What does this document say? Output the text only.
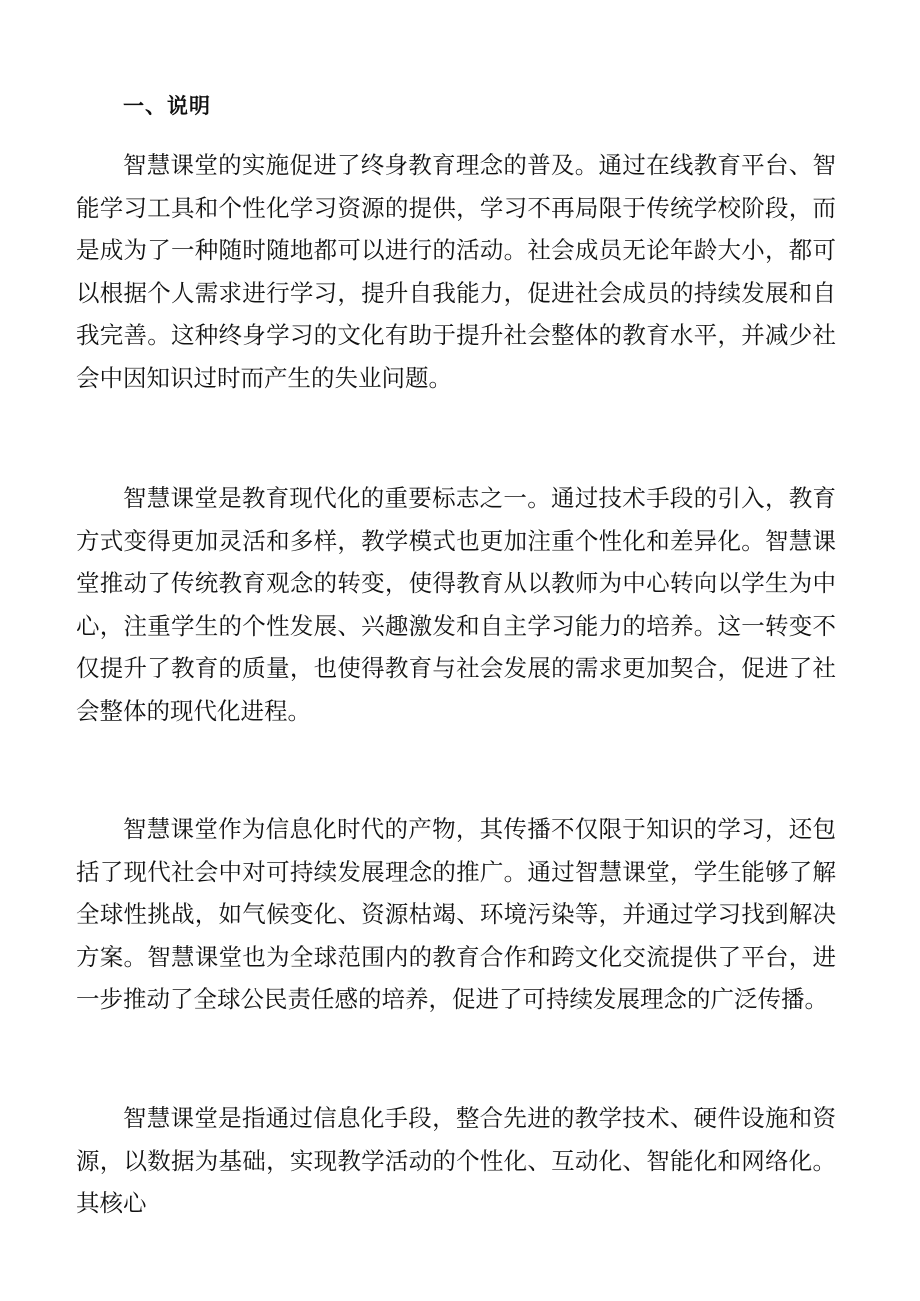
一、说明

智慧课堂的实施促进了终身教育理念的普及。通过在线教育平台、智能学习工具和个性化学习资源的提供，学习不再局限于传统学校阶段，而是成为了一种随时随地都可以进行的活动。社会成员无论年龄大小，都可以根据个人需求进行学习，提升自我能力，促进社会成员的持续发展和自我完善。这种终身学习的文化有助于提升社会整体的教育水平，并减少社会中因知识过时而产生的失业问题。

智慧课堂是教育现代化的重要标志之一。通过技术手段的引入，教育方式变得更加灵活和多样，教学模式也更加注重个性化和差异化。智慧课堂推动了传统教育观念的转变，使得教育从以教师为中心转向以学生为中心，注重学生的个性发展、兴趣激发和自主学习能力的培养。这一转变不仅提升了教育的质量，也使得教育与社会发展的需求更加契合，促进了社会整体的现代化进程。

智慧课堂作为信息化时代的产物，其传播不仅限于知识的学习，还包括了现代社会中对可持续发展理念的推广。通过智慧课堂，学生能够了解全球性挑战，如气候变化、资源枯竭、环境污染等，并通过学习找到解决方案。智慧课堂也为全球范围内的教育合作和跨文化交流提供了平台，进一步推动了全球公民责任感的培养，促进了可持续发展理念的广泛传播。

智慧课堂是指通过信息化手段，整合先进的教学技术、硬件设施和资源，以数据为基础，实现教学活动的个性化、互动化、智能化和网络化。其核心
